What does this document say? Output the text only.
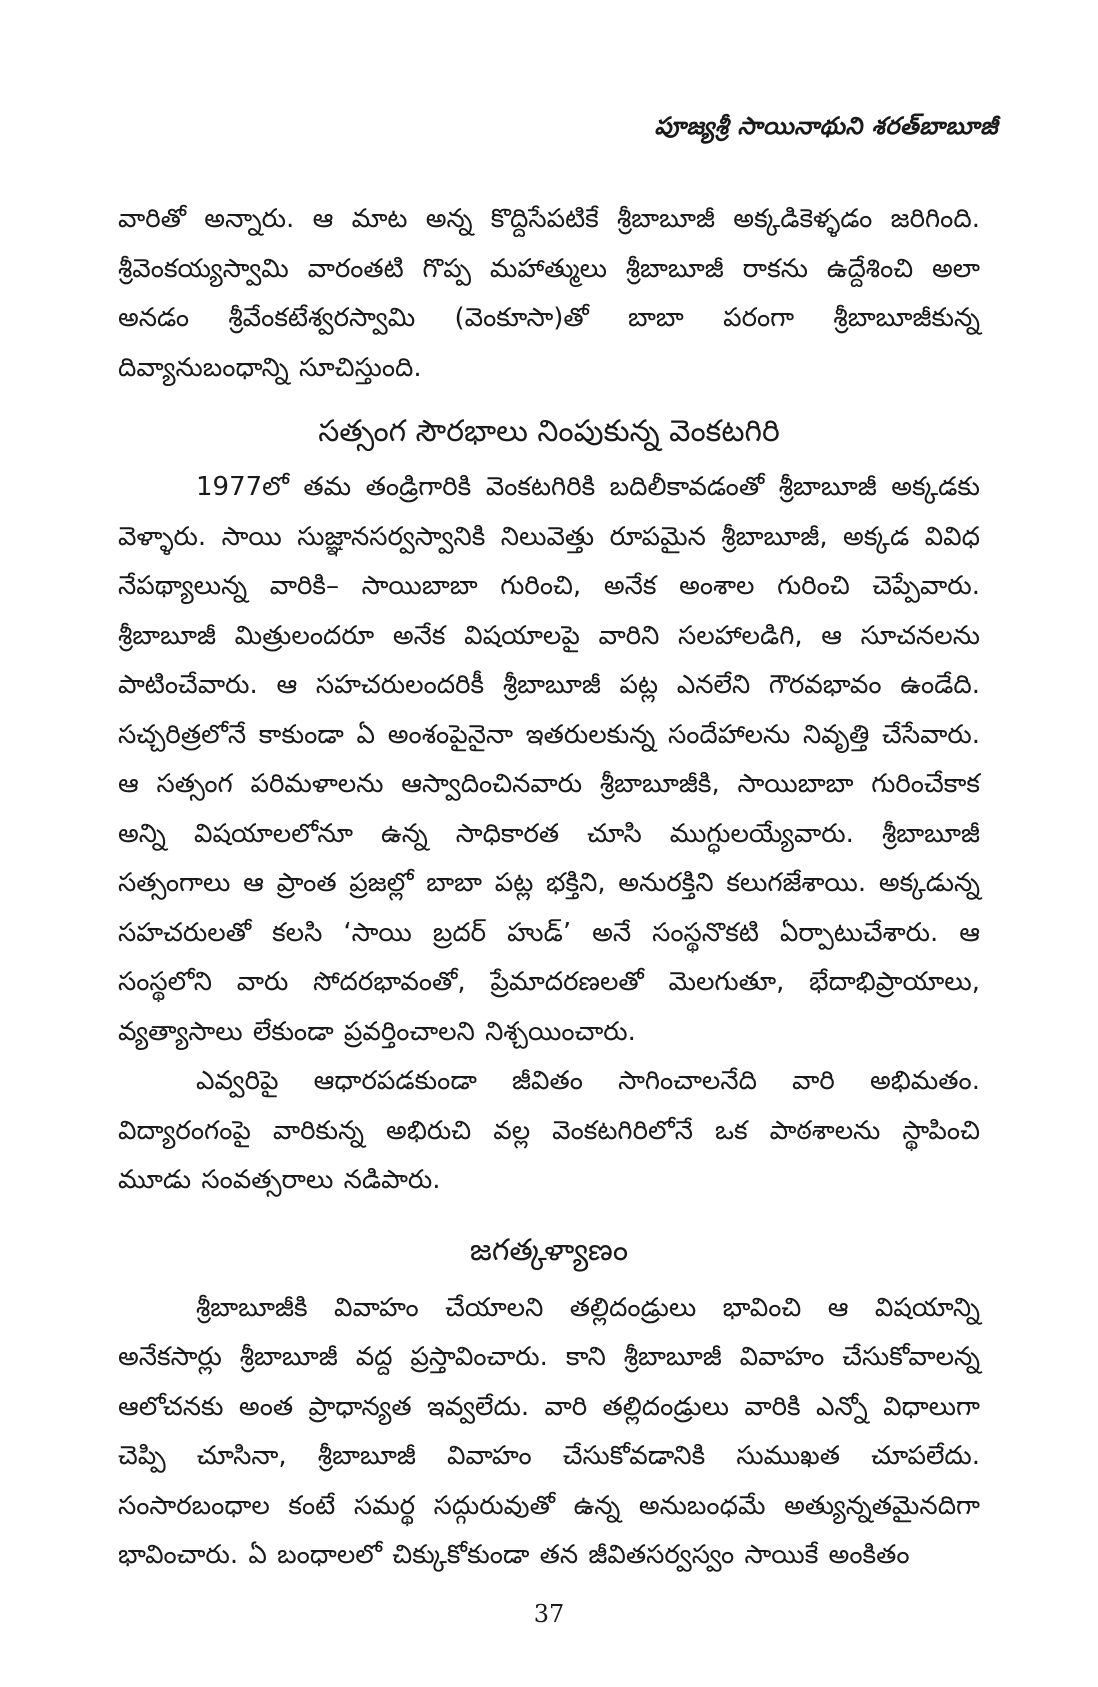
పూజ్యశ్రీ సాయినాథుని శరత్‌బాబూజీ

వారితో అన్నారు. ఆ మాట అన్న కొద్దిసేపటికే శ్రీబాబూజీ అక్కడికెళ్ళడం జరిగింది. శ్రీవెంకయ్యస్వామి వారంతటి గొప్ప మహాత్ములు శ్రీబాబూజీ రాకను ఉద్దేశించి అలా అనడం శ్రీవేంకటేశ్వరస్వామి (వెంకూసా)తో బాబా పరంగా శ్రీబాబూజీకున్న దివ్యానుబంధాన్ని సూచిస్తుంది.

సత్సంగ సౌరభాలు నింపుకున్న వెంకటగిరి

1977లో తమ తండ్రిగారికి వెంకటగిరికి బదిలీకావడంతో శ్రీబాబూజీ అక్కడకు వెళ్ళారు. సాయి సుజ్ఞానసర్వస్వానికి నిలువెత్తు రూపమైన శ్రీబాబూజీ, అక్కడ వివిధ నేపథ్యాలున్న వారికి– సాయిబాబా గురించి, అనేక అంశాల గురించి చెప్పేవారు. శ్రీబాబూజీ మిత్రులందరూ అనేక విషయాలపై వారిని సలహాలడిగి, ఆ సూచనలను పాటించేవారు. ఆ సహచరులందరికీ శ్రీబాబూజీ పట్ల ఎనలేని గౌరవభావం ఉండేది. సచ్చరిత్రలోనే కాకుండా ఏ అంశంపైనైనా ఇతరులకున్న సందేహాలను నివృత్తి చేసేవారు. ఆ సత్సంగ పరిమళాలను ఆస్వాదించినవారు శ్రీబాబూజీకి, సాయిబాబా గురించేకాక అన్ని విషయాలలోనూ ఉన్న సాధికారత చూసి ముగ్ధులయ్యేవారు. శ్రీబాబూజీ సత్సంగాలు ఆ ప్రాంత ప్రజల్లో బాబా పట్ల భక్తిని, అనురక్తిని కలుగజేశాయి. అక్కడున్న సహచరులతో కలసి ‘సాయి బ్రదర్ హుడ్’ అనే సంస్థనొకటి ఏర్పాటుచేశారు. ఆ సంస్థలోని వారు సోదరభావంతో, ప్రేమాదరణలతో మెలగుతూ, భేదాభిప్రాయాలు, వ్యత్యాసాలు లేకుండా ప్రవర్తించాలని నిశ్చయించారు.

ఎవ్వరిపై ఆధారపడకుండా జీవితం సాగించాలనేది వారి అభిమతం. విద్యారంగంపై వారికున్న అభిరుచి వల్ల వెంకటగిరిలోనే ఒక పాఠశాలను స్థాపించి మూడు సంవత్సరాలు నడిపారు.

జగత్కళ్యాణం

శ్రీబాబూజీకి వివాహం చేయాలని తల్లిదండ్రులు భావించి ఆ విషయాన్ని అనేకసార్లు శ్రీబాబూజీ వద్ద ప్రస్తావించారు. కాని శ్రీబాబూజీ వివాహం చేసుకోవాలన్న ఆలోచనకు అంత ప్రాధాన్యత ఇవ్వలేదు. వారి తల్లిదండ్రులు వారికి ఎన్నో విధాలుగా చెప్పి చూసినా, శ్రీబాబూజీ వివాహం చేసుకోవడానికి సుముఖత చూపలేదు. సంసారబంధాల కంటే సమర్థ సద్గురువుతో ఉన్న అనుబంధమే అత్యున్నతమైనదిగా భావించారు. ఏ బంధాలలో చిక్కుకోకుండా తన జీవితసర్వస్వం సాయికే అంకితం

37
